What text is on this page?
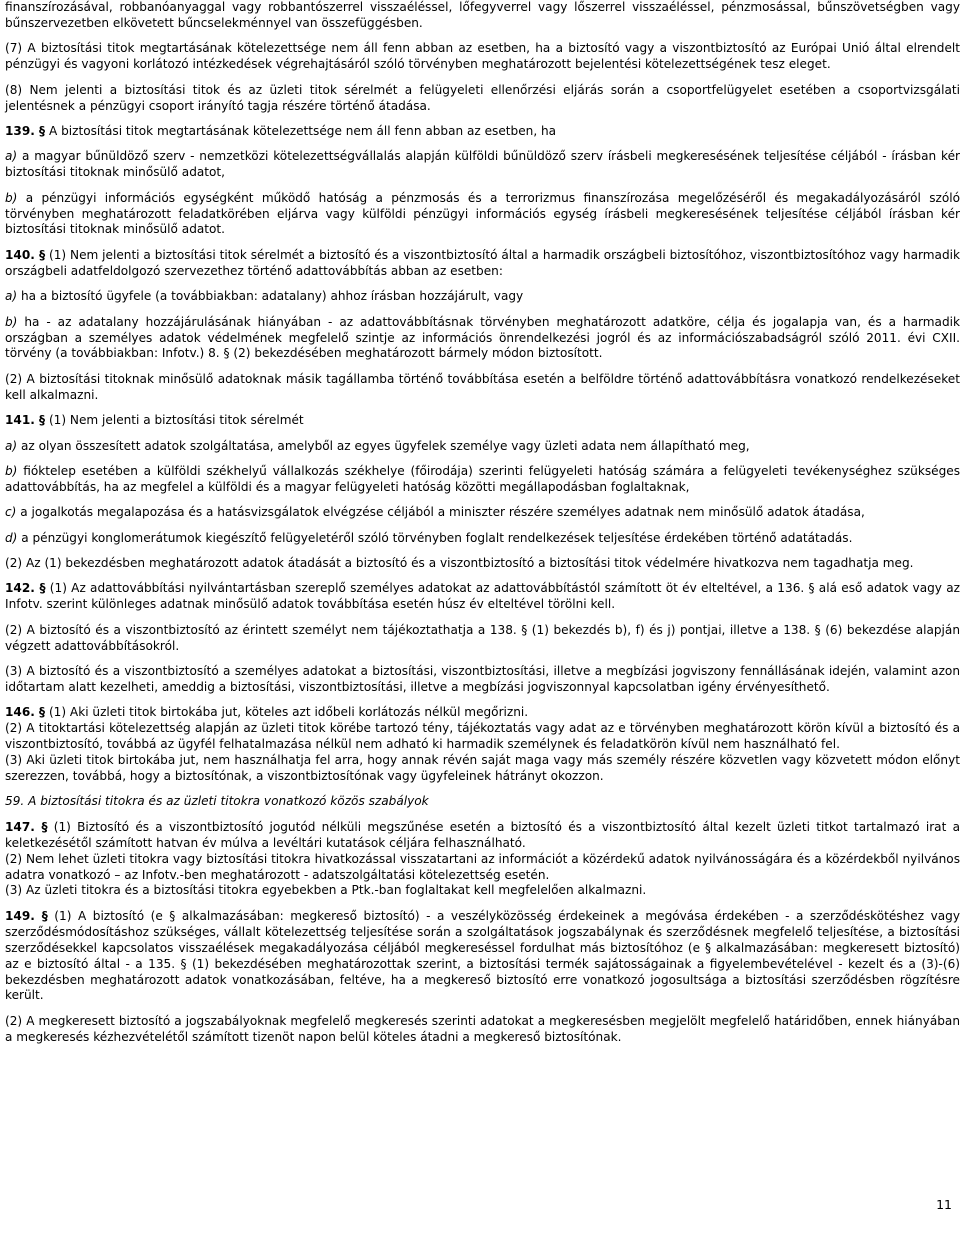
finanszírozásával, robbanóanyaggal vagy robbantószerrel visszaéléssel, lőfegyverrel vagy lőszerrel visszaéléssel, pénzmosással, bűnszövetségben vagy bűnszervezetben elkövetett bűncselekménnyel van összefüggésben.

(7) A biztosítási titok megtartásának kötelezettsége nem áll fenn abban az esetben, ha a biztosító vagy a viszontbiztosító az Európai Unió által elrendelt pénzügyi és vagyoni korlátozó intézkedések végrehajtásáról szóló törvényben meghatározott bejelentési kötelezettségének tesz eleget.

(8) Nem jelenti a biztosítási titok és az üzleti titok sérelmét a felügyeleti ellenőrzési eljárás során a csoportfelügyelet esetében a csoportvizsgálati jelentésnek a pénzügyi csoport irányító tagja részére történő átadása.

139. § A biztosítási titok megtartásának kötelezettsége nem áll fenn abban az esetben, ha

a) a magyar bűnüldöző szerv - nemzetközi kötelezettségvállalás alapján külföldi bűnüldöző szerv írásbeli megkeresésének teljesítése céljából - írásban kér biztosítási titoknak minősülő adatot,

b) a pénzügyi információs egységként működő hatóság a pénzmosás és a terrorizmus finanszírozása megelőzéséről és megakadályozásáról szóló törvényben meghatározott feladatkörében eljárva vagy külföldi pénzügyi információs egység írásbeli megkeresésének teljesítése céljából írásban kér biztosítási titoknak minősülő adatot.

140. § (1) Nem jelenti a biztosítási titok sérelmét a biztosító és a viszontbiztosító által a harmadik országbeli biztosítóhoz, viszontbiztosítóhoz vagy harmadik országbeli adatfeldolgozó szervezethez történő adattovábbítás abban az esetben:

a) ha a biztosító ügyfele (a továbbiakban: adatalany) ahhoz írásban hozzájárult, vagy

b) ha - az adatalany hozzájárulásának hiányában - az adattovábbításnak törvényben meghatározott adatköre, célja és jogalapja van, és a harmadik országban a személyes adatok védelmének megfelelő szintje az információs önrendelkezési jogról és az információszabadságról szóló 2011. évi CXII. törvény (a továbbiakban: Infotv.) 8. § (2) bekezdésében meghatározott bármely módon biztosított.

(2) A biztosítási titoknak minősülő adatoknak másik tagállamba történő továbbítása esetén a belföldre történő adattovábbításra vonatkozó rendelkezéseket kell alkalmazni.

141. § (1) Nem jelenti a biztosítási titok sérelmét

a) az olyan összesített adatok szolgáltatása, amelyből az egyes ügyfelek személye vagy üzleti adata nem állapítható meg,

b) fióktelep esetében a külföldi székhelyű vállalkozás székhelye (főirodája) szerinti felügyeleti hatóság számára a felügyeleti tevékenységhez szükséges adattovábbítás, ha az megfelel a külföldi és a magyar felügyeleti hatóság közötti megállapodásban foglaltaknak,

c) a jogalkotás megalapozása és a hatásvizsgálatok elvégzése céljából a miniszter részére személyes adatnak nem minősülő adatok átadása,

d) a pénzügyi konglomerátumok kiegészítő felügyeletéről szóló törvényben foglalt rendelkezések teljesítése érdekében történő adatátadás.

(2) Az (1) bekezdésben meghatározott adatok átadását a biztosító és a viszontbiztosító a biztosítási titok védelmére hivatkozva nem tagadhatja meg.

142. § (1) Az adattovábbítási nyilvántartásban szereplő személyes adatokat az adattovábbítástól számított öt év elteltével, a 136. § alá eső adatok vagy az Infotv. szerint különleges adatnak minősülő adatok továbbítása esetén húsz év elteltével törölni kell.

(2) A biztosító és a viszontbiztosító az érintett személyt nem tájékoztathatja a 138. § (1) bekezdés b), f) és j) pontjai, illetve a 138. § (6) bekezdése alapján végzett adattovábbításokról.

(3) A biztosító és a viszontbiztosító a személyes adatokat a biztosítási, viszontbiztosítási, illetve a megbízási jogviszony fennállásának idején, valamint azon időtartam alatt kezelheti, ameddig a biztosítási, viszontbiztosítási, illetve a megbízási jogviszonnyal kapcsolatban igény érvényesíthető.

146. § (1) Aki üzleti titok birtokába jut, köteles azt időbeli korlátozás nélkül megőrizni.

(2) A titoktartási kötelezettség alapján az üzleti titok körébe tartozó tény, tájékoztatás vagy adat az e törvényben meghatározott körön kívül a biztosító és a viszontbiztosító, továbbá az ügyfél felhatalmazása nélkül nem adható ki harmadik személynek és feladatkörön kívül nem használható fel.

(3) Aki üzleti titok birtokába jut, nem használhatja fel arra, hogy annak révén saját maga vagy más személy részére közvetlen vagy közvetett módon előnyt szerezzen, továbbá, hogy a biztosítónak, a viszontbiztosítónak vagy ügyfeleinek hátrányt okozzon.

59. A biztosítási titokra és az üzleti titokra vonatkozó közös szabályok

147. § (1) Biztosító és a viszontbiztosító jogutód nélküli megszűnése esetén a biztosító és a viszontbiztosító által kezelt üzleti titkot tartalmazó irat a keletkezésétől számított hatvan év múlva a levéltári kutatások céljára felhasználható.

(2) Nem lehet üzleti titokra vagy biztosítási titokra hivatkozással visszatartani az információt a közérdekű adatok nyilvánosságára és a közérdekből nyilvános adatra vonatkozó – az Infotv.-ben meghatározott - adatszolgáltatási kötelezettség esetén.

(3) Az üzleti titokra és a biztosítási titokra egyebekben a Ptk.-ban foglaltakat kell megfelelően alkalmazni.

149. § (1) A biztosító (e § alkalmazásában: megkereső biztosító) - a veszélyközösség érdekeinek a megóvása érdekében - a szerződéskötéshez vagy szerződésmódosításhoz szükséges, vállalt kötelezettség teljesítése során a szolgáltatások jogszabálynak és szerződésnek megfelelő teljesítése, a biztosítási szerződésekkel kapcsolatos visszaélések megakadályozása céljából megkereséssel fordulhat más biztosítóhoz (e § alkalmazásában: megkeresett biztosító) az e biztosító által - a 135. § (1) bekezdésében meghatározottak szerint, a biztosítási termék sajátosságainak a figyelembevételével - kezelt és a (3)-(6) bekezdésben meghatározott adatok vonatkozásában, feltéve, ha a megkereső biztosító erre vonatkozó jogosultsága a biztosítási szerződésben rögzítésre került.

(2) A megkeresett biztosító a jogszabályoknak megfelelő megkeresés szerinti adatokat a megkeresésben megjelölt megfelelő határidőben, ennek hiányában a megkeresés kézhezvételétől számított tizenöt napon belül köteles átadni a megkereső biztosítónak.

11
